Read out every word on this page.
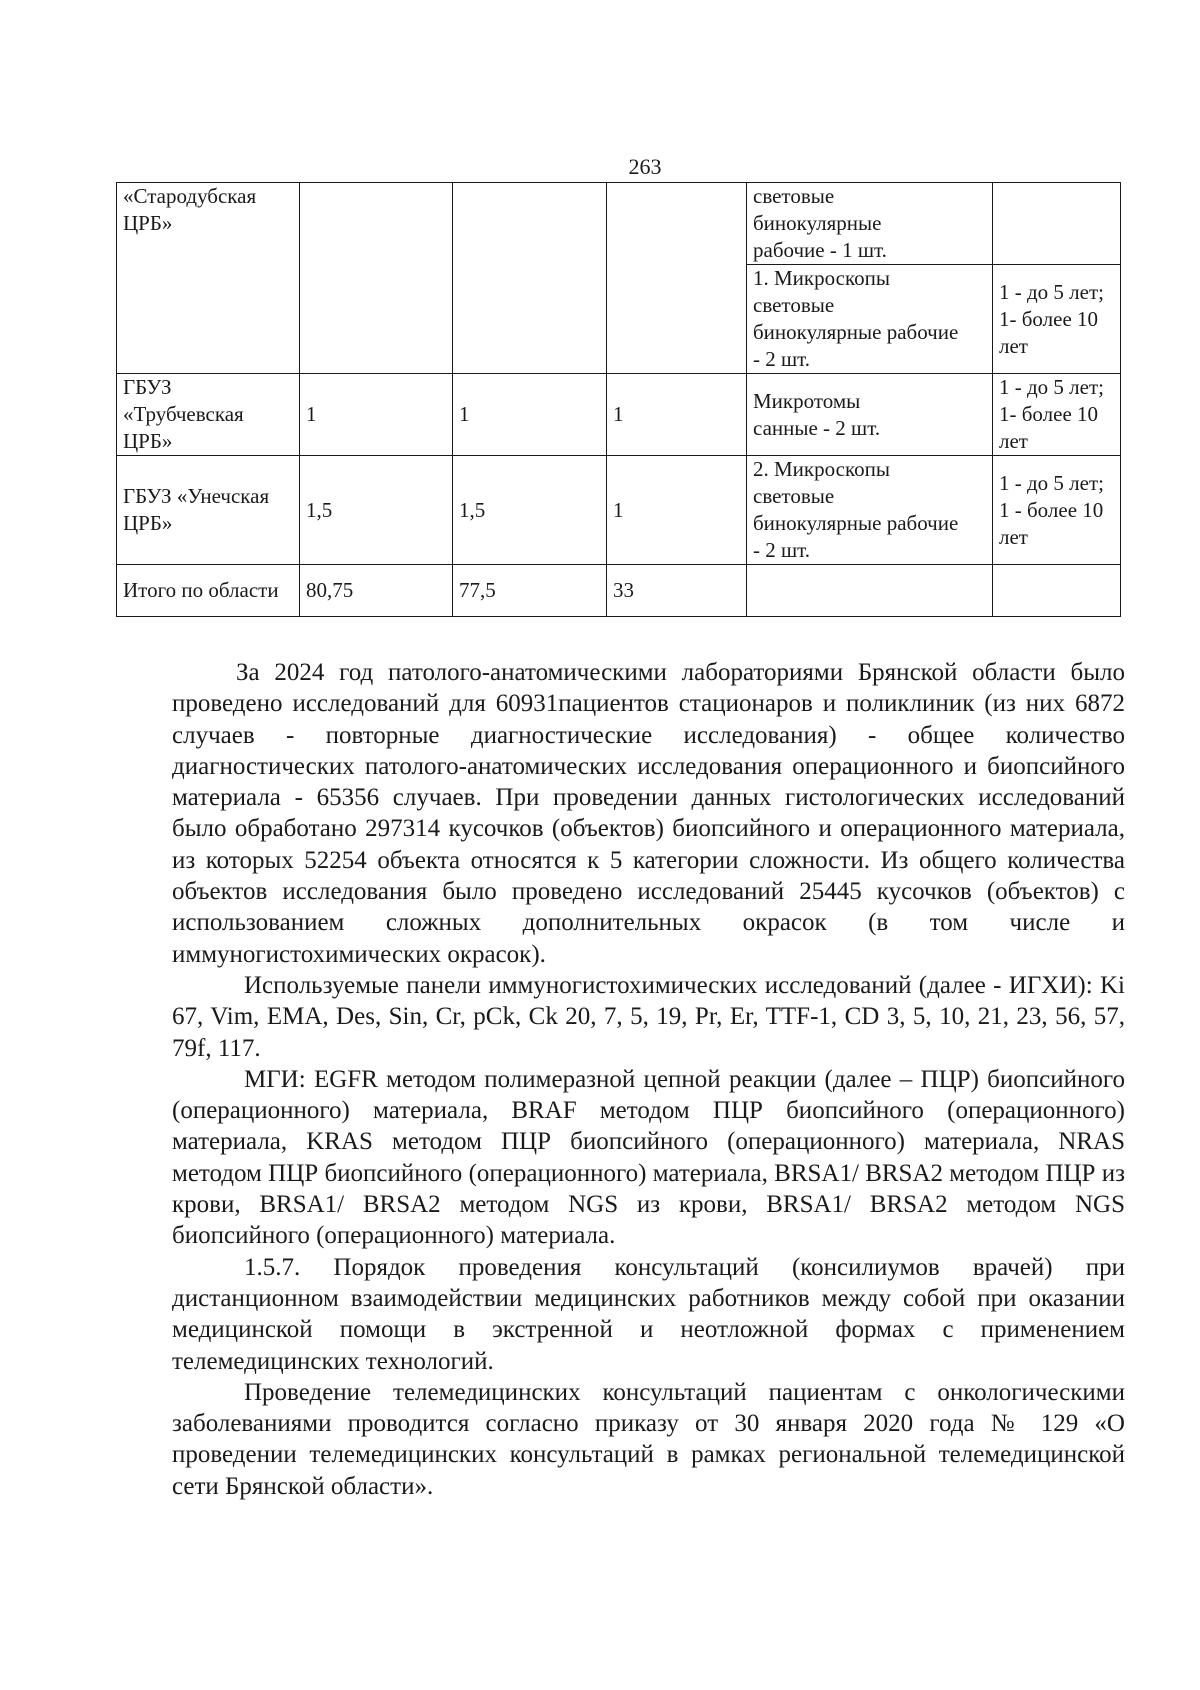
263
«Стародубская
ЦРБ»				световые
бинокулярные
рабочие - 1 шт.	
				1. Микроскопы
световые
бинокулярные рабочие
- 2 шт.	1 - до 5 лет;
1- более 10
лет
ГБУЗ
«Трубчевская
ЦРБ»	1	1	1	Микротомы
санные - 2 шт.	1 - до 5 лет;
1- более 10
лет
ГБУЗ «Унечская
ЦРБ»	1,5	1,5	1	2. Микроскопы
световые
бинокулярные рабочие
- 2 шт.	1 - до 5 лет;
1 - более 10
лет
Итого по области	80,75	77,5	33		

За 2024 год патолого-анатомическими лабораториями Брянской области было проведено исследований для 60931пациентов стационаров и поликлиник (из них 6872 случаев - повторные диагностические исследования) - общее количество диагностических патолого-анатомических исследования операционного и биопсийного материала - 65356 случаев. При проведении данных гистологических исследований было обработано 297314 кусочков (объектов) биопсийного и операционного материала, из которых 52254 объекта относятся к 5 категории сложности. Из общего количества объектов исследования было проведено исследований 25445 кусочков (объектов) с использованием сложных дополнительных окрасок (в том числе и иммуногистохимических окрасок).

Используемые панели иммуногистохимических исследований (далее - ИГХИ): Ki 67, Vim, EMA, Des, Sin, Cr, pCk, Ck 20, 7, 5, 19, Pr, Er, TTF-1, CD 3, 5, 10, 21, 23, 56, 57, 79f, 117.

МГИ: EGFR методом полимеразной цепной реакции (далее – ПЦР) биопсийного (операционного) материала, BRAF методом ПЦР биопсийного (операционного) материала, KRAS методом ПЦР биопсийного (операционного) материала, NRAS методом ПЦР биопсийного (операционного) материала, BRSA1/ BRSA2 методом ПЦР из крови, BRSA1/ BRSA2 методом NGS из крови, BRSA1/ BRSA2 методом NGS биопсийного (операционного) материала.

1.5.7. Порядок проведения консультаций (консилиумов врачей) при дистанционном взаимодействии медицинских работников между собой при оказании медицинской помощи в экстренной и неотложной формах с применением телемедицинских технологий.

Проведение телемедицинских консультаций пациентам с онкологическими заболеваниями проводится согласно приказу от 30 января 2020 года № 129 «О проведении телемедицинских консультаций в рамках региональной телемедицинской сети Брянской области».
